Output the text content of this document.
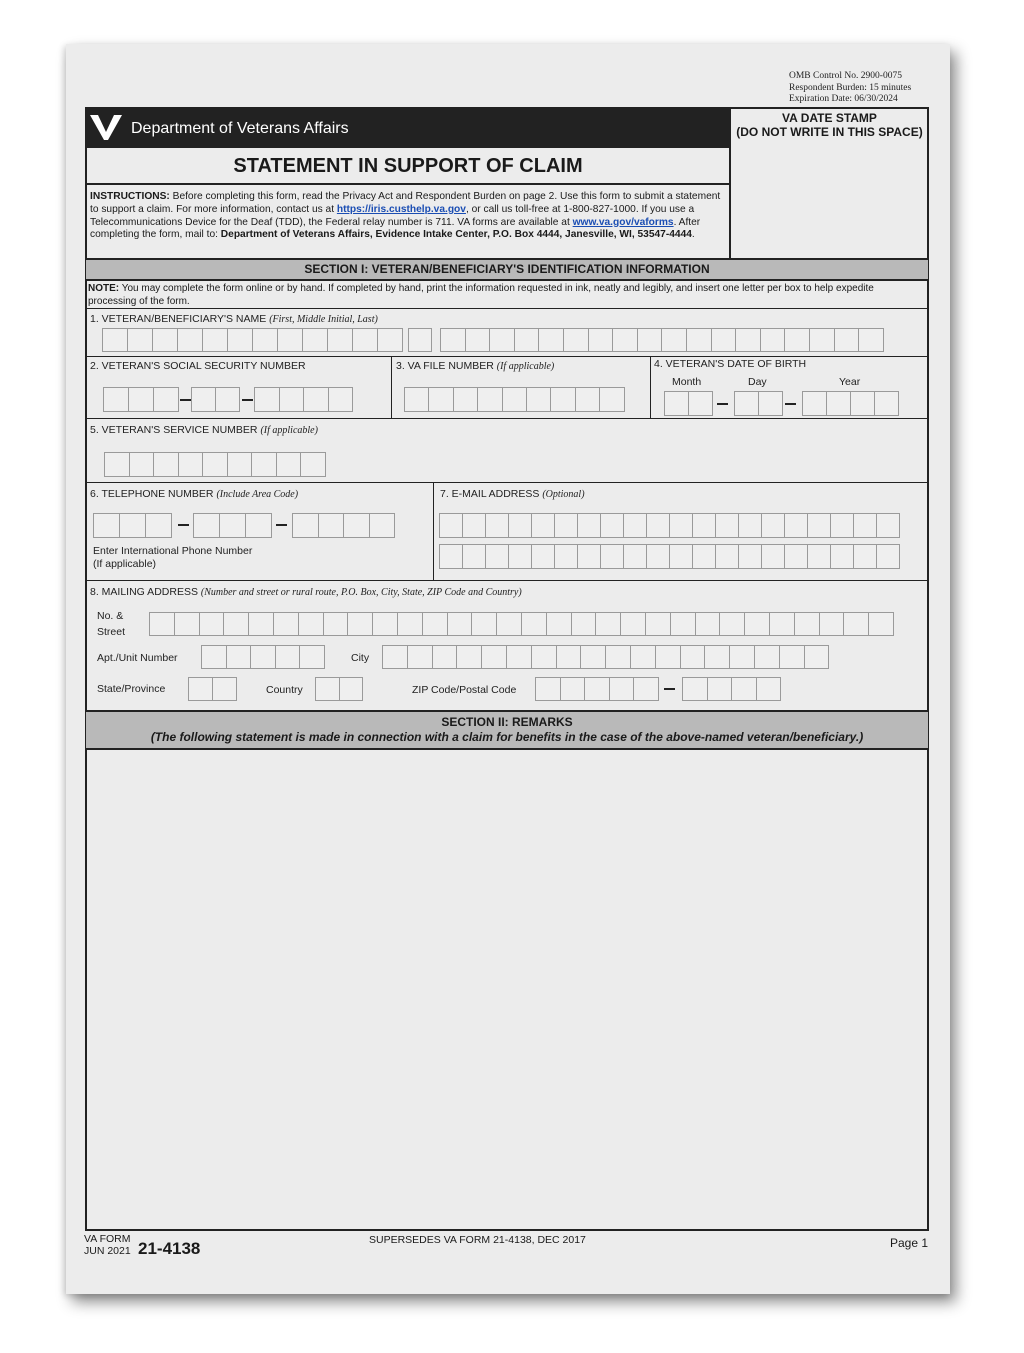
OMB Control No. 2900-0075
Respondent Burden: 15 minutes
Expiration Date: 06/30/2024
Department of Veterans Affairs
STATEMENT IN SUPPORT OF CLAIM
VA DATE STAMP
(DO NOT WRITE IN THIS SPACE)
INSTRUCTIONS: Before completing this form, read the Privacy Act and Respondent Burden on page 2. Use this form to submit a statement to support a claim. For more information, contact us at https://iris.custhelp.va.gov, or call us toll-free at 1-800-827-1000. If you use a Telecommunications Device for the Deaf (TDD), the Federal relay number is 711. VA forms are available at www.va.gov/vaforms. After completing the form, mail to: Department of Veterans Affairs, Evidence Intake Center, P.O. Box 4444, Janesville, WI, 53547-4444.
SECTION I: VETERAN/BENEFICIARY'S IDENTIFICATION INFORMATION
NOTE: You may complete the form online or by hand. If completed by hand, print the information requested in ink, neatly and legibly, and insert one letter per box to help expedite processing of the form.
1. VETERAN/BENEFICIARY'S NAME (First, Middle Initial, Last)
2. VETERAN'S SOCIAL SECURITY NUMBER	3. VA FILE NUMBER (If applicable)	4. VETERAN'S DATE OF BIRTH
Month	Day	Year
5. VETERAN'S SERVICE NUMBER (If applicable)
6. TELEPHONE NUMBER (Include Area Code)
Enter International Phone Number
(If applicable)
7. E-MAIL ADDRESS (Optional)
8. MAILING ADDRESS (Number and street or rural route, P.O. Box, City, State, ZIP Code and Country)
No. &
Street
Apt./Unit Number	City
State/Province	Country	ZIP Code/Postal Code
SECTION II: REMARKS
(The following statement is made in connection with a claim for benefits in the case of the above-named veteran/beneficiary.)
VA FORM
JUN 2021 21-4138	SUPERSEDES VA FORM 21-4138, DEC 2017	Page 1
